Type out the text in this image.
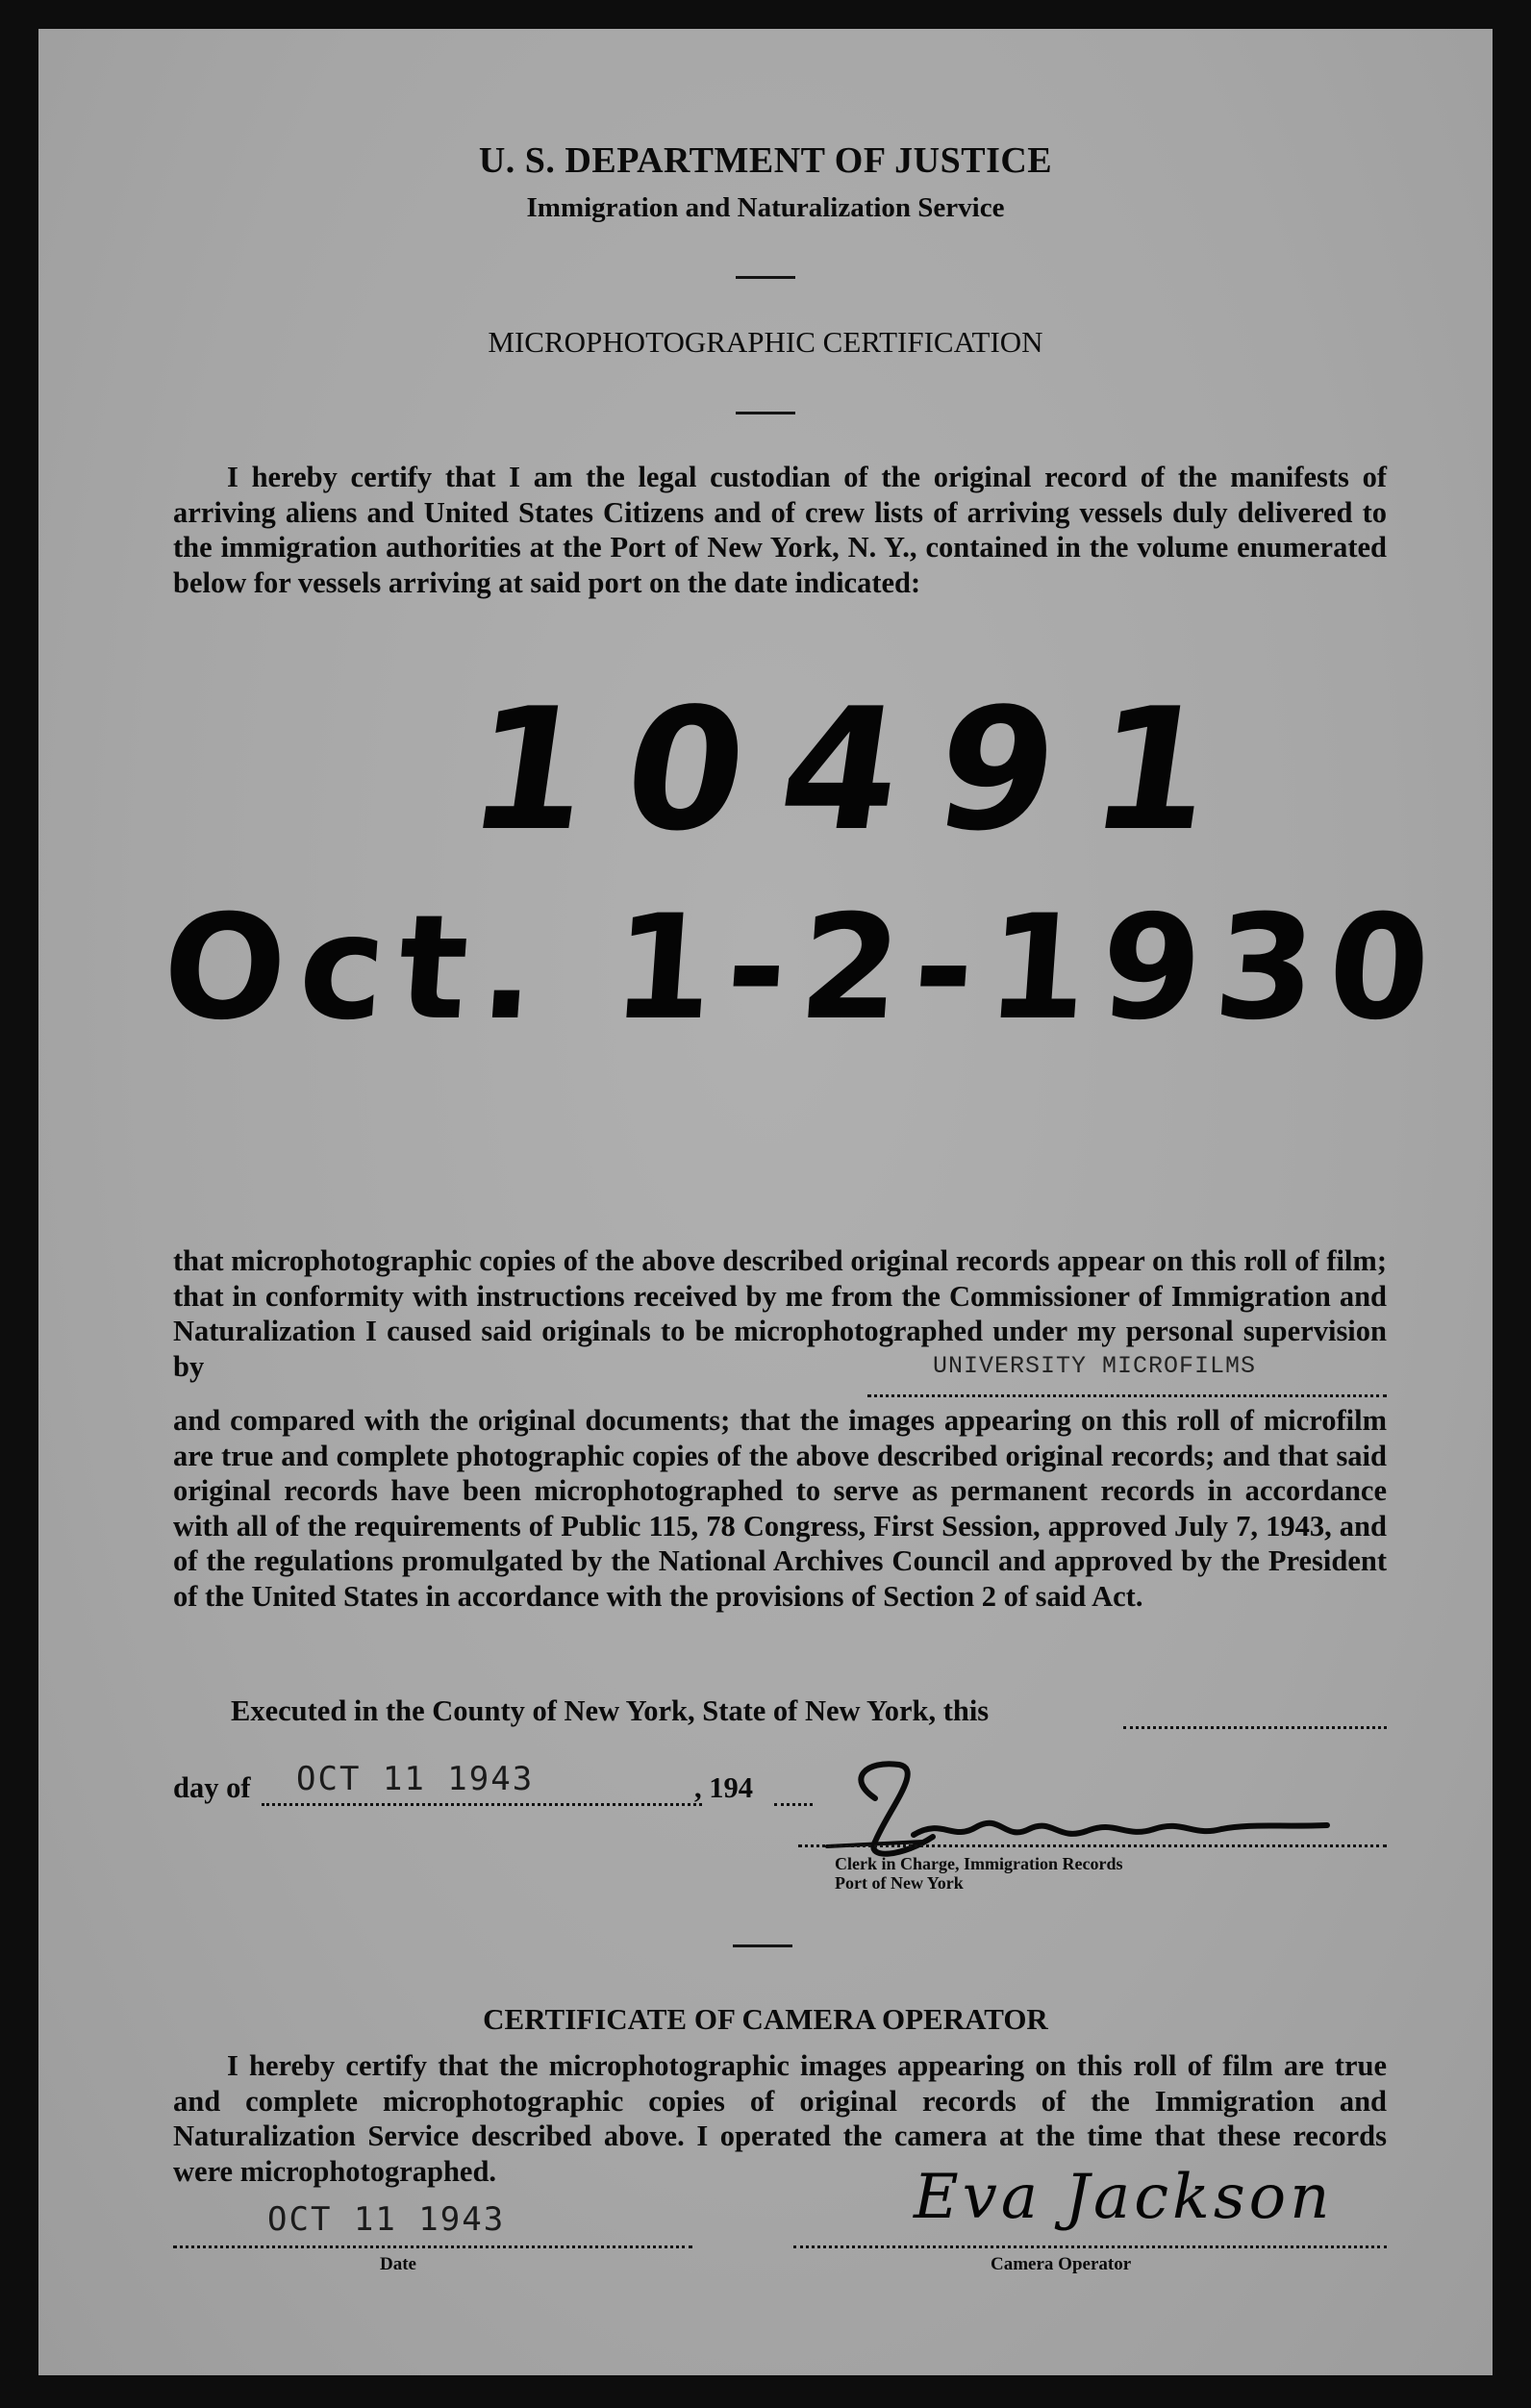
U. S. DEPARTMENT OF JUSTICE
Immigration and Naturalization Service
MICROPHOTOGRAPHIC CERTIFICATION

I hereby certify that I am the legal custodian of the original record of the manifests of arriving aliens and United States Citizens and of crew lists of arriving vessels duly delivered to the immigration authorities at the Port of New York, N. Y., contained in the volume enumerated below for vessels arriving at said port on the date indicated:

10491
Oct. 1-2-1930

that microphotographic copies of the above described original records appear on this roll of film; that in conformity with instructions received by me from the Commissioner of Immigration and Naturalization I caused said originals to be microphotographed under my personal supervision by	UNIVERSITY MICROFILMS

and compared with the original documents; that the images appearing on this roll of microfilm are true and complete photographic copies of the above described original records; and that said original records have been microphotographed to serve as permanent records in accordance with all of the requirements of Public 115, 78 Congress, First Session, approved July 7, 1943, and of the regulations promulgated by the National Archives Council and approved by the President of the United States in accordance with the provisions of Section 2 of said Act.

Executed in the County of New York, State of New York, this
day of OCT 11 1943	, 194
Clerk in Charge, Immigration Records
Port of New York
CERTIFICATE OF CAMERA OPERATOR

I hereby certify that the microphotographic images appearing on this roll of film are true and complete microphotographic copies of original records of the Immigration and Naturalization Service described above. I operated the camera at the time that these records were microphotographed.

OCT 11 1943
Date
Eva Jackson
Camera Operator
